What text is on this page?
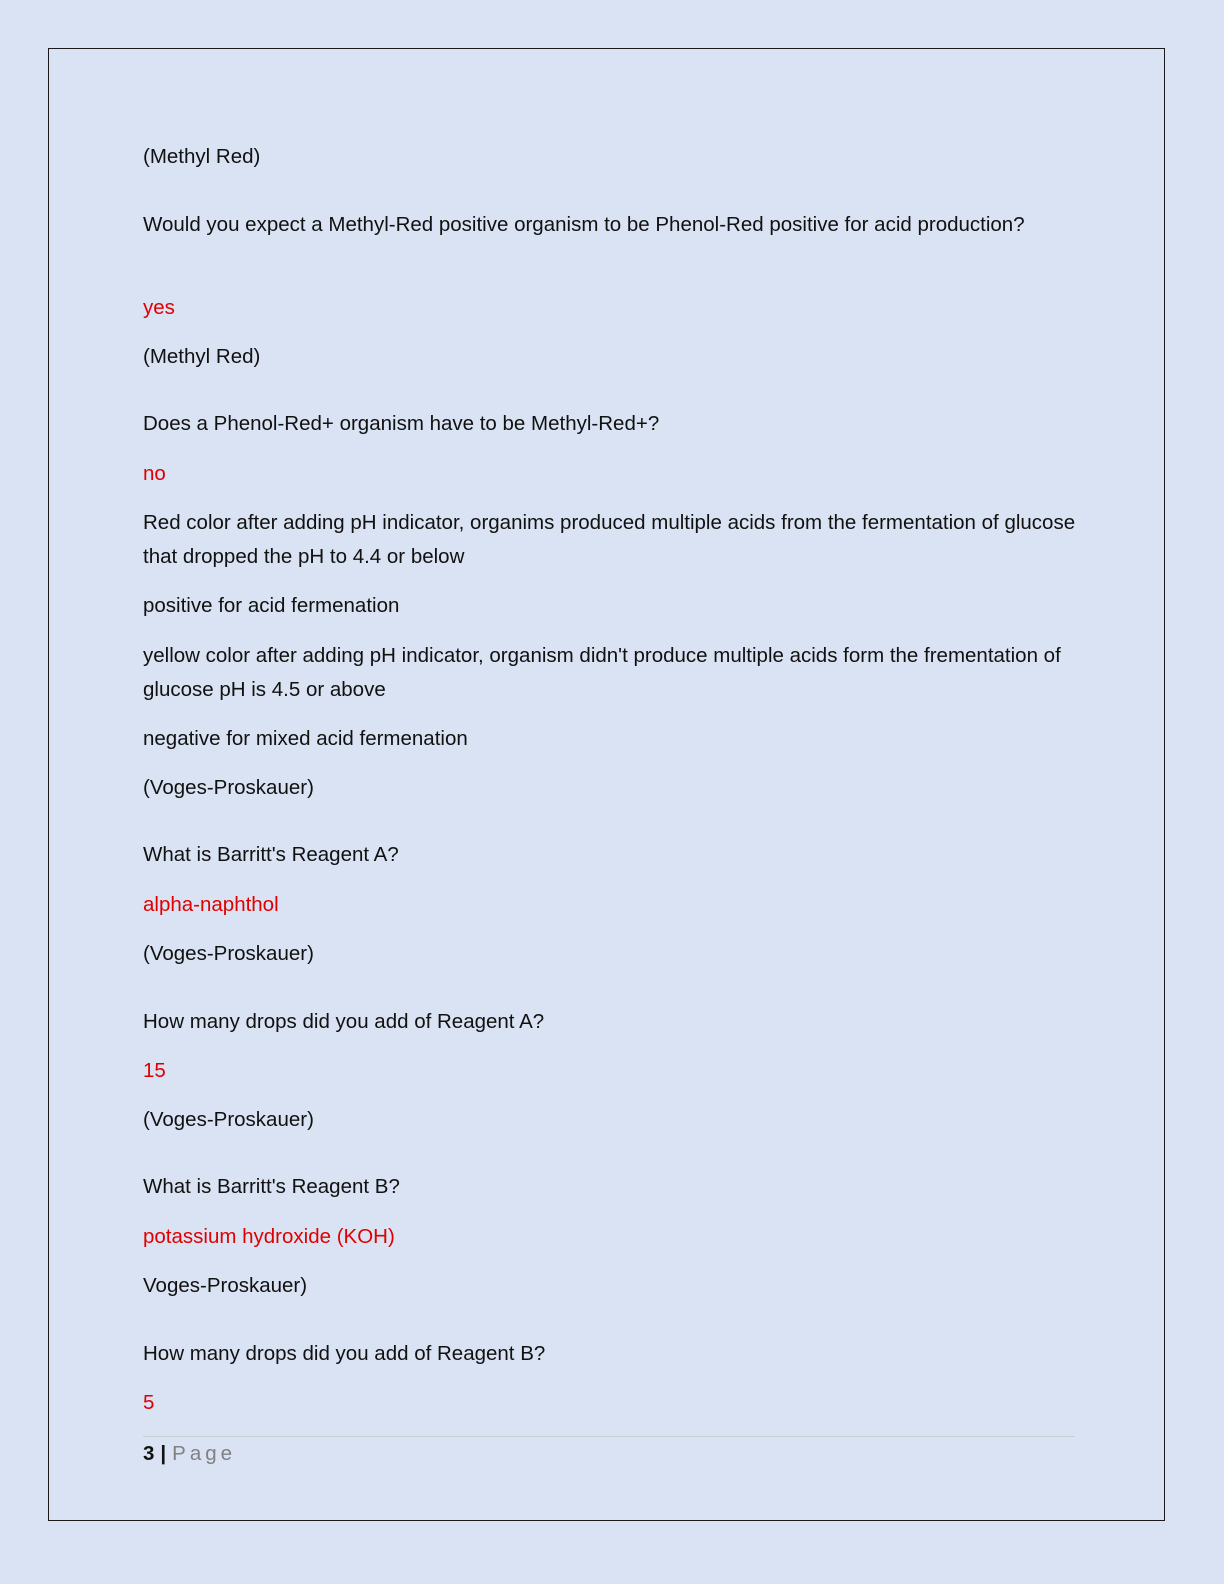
(Methyl Red)

Would you expect a Methyl-Red positive organism to be Phenol-Red positive for acid production?

yes

(Methyl Red)

Does a Phenol-Red+ organism have to be Methyl-Red+?

no

Red color after adding pH indicator, organims produced multiple acids from the fermentation of glucose that dropped the pH to 4.4 or below

positive for acid fermenation

yellow color after adding pH indicator, organism didn't produce multiple acids form the frementation of glucose pH is 4.5 or above

negative for mixed acid fermenation

(Voges-Proskauer)

What is Barritt's Reagent A?

alpha-naphthol

(Voges-Proskauer)

How many drops did you add of Reagent A?

15

(Voges-Proskauer)

What is Barritt's Reagent B?

potassium hydroxide (KOH)

Voges-Proskauer)

How many drops did you add of Reagent B?

5

3 | Page
